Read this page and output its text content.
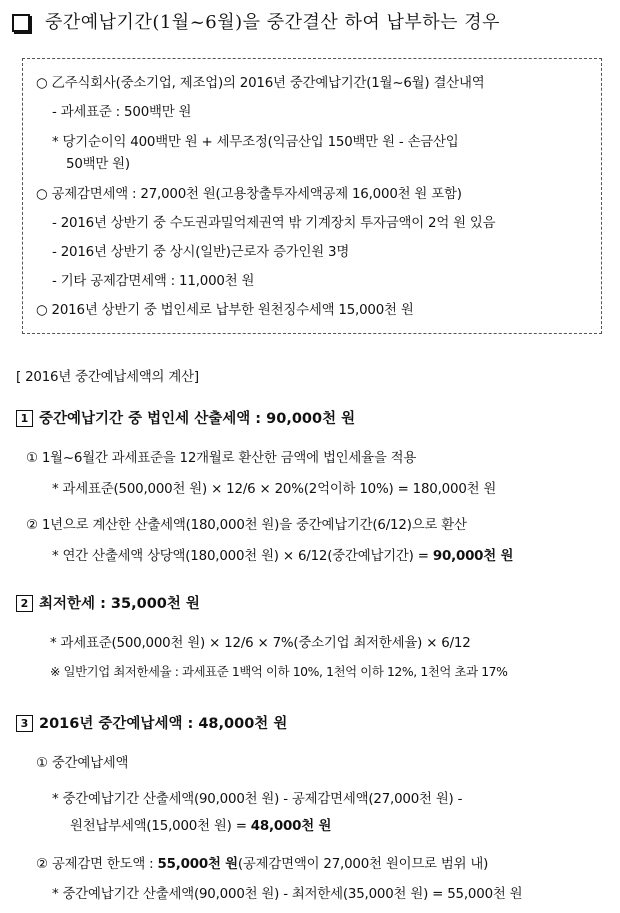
중간예납기간(1월~6월)을 중간결산 하여 납부하는 경우
○ 乙주식회사(중소기업, 제조업)의 2016년 중간예납기간(1월~6월) 결산내역
- 과세표준 : 500백만 원
* 당기순이익 400백만 원 + 세무조정(익금산입 150백만 원 - 손금산입
50백만 원)
○ 공제감면세액 : 27,000천 원(고용창출투자세액공제 16,000천 원 포함)
- 2016년 상반기 중 수도권과밀억제권역 밖 기계장치 투자금액이 2억 원 있음
- 2016년 상반기 중 상시(일반)근로자 증가인원 3명
- 기타 공제감면세액 : 11,000천 원
○ 2016년 상반기 중 법인세로 납부한 원천징수세액 15,000천 원
[ 2016년 중간예납세액의 계산]
1 중간예납기간 중 법인세 산출세액 : 90,000천 원
① 1월~6월간 과세표준을 12개월로 환산한 금액에 법인세율을 적용
* 과세표준(500,000천 원) × 12/6 × 20%(2억이하 10%) = 180,000천 원
② 1년으로 계산한 산출세액(180,000천 원)을 중간예납기간(6/12)으로 환산
* 연간 산출세액 상당액(180,000천 원) × 6/12(중간예납기간) = 90,000천 원
2 최저한세 : 35,000천 원
* 과세표준(500,000천 원) × 12/6 × 7%(중소기업 최저한세율) × 6/12
※ 일반기업 최저한세율 : 과세표준 1백억 이하 10%, 1천억 이하 12%, 1천억 초과 17%
3 2016년 중간예납세액 : 48,000천 원
① 중간예납세액
* 중간예납기간 산출세액(90,000천 원) - 공제감면세액(27,000천 원) -
원천납부세액(15,000천 원) = 48,000천 원
② 공제감면 한도액 : 55,000천 원(공제감면액이 27,000천 원이므로 범위 내)
* 중간예납기간 산출세액(90,000천 원) - 최저한세(35,000천 원) = 55,000천 원
